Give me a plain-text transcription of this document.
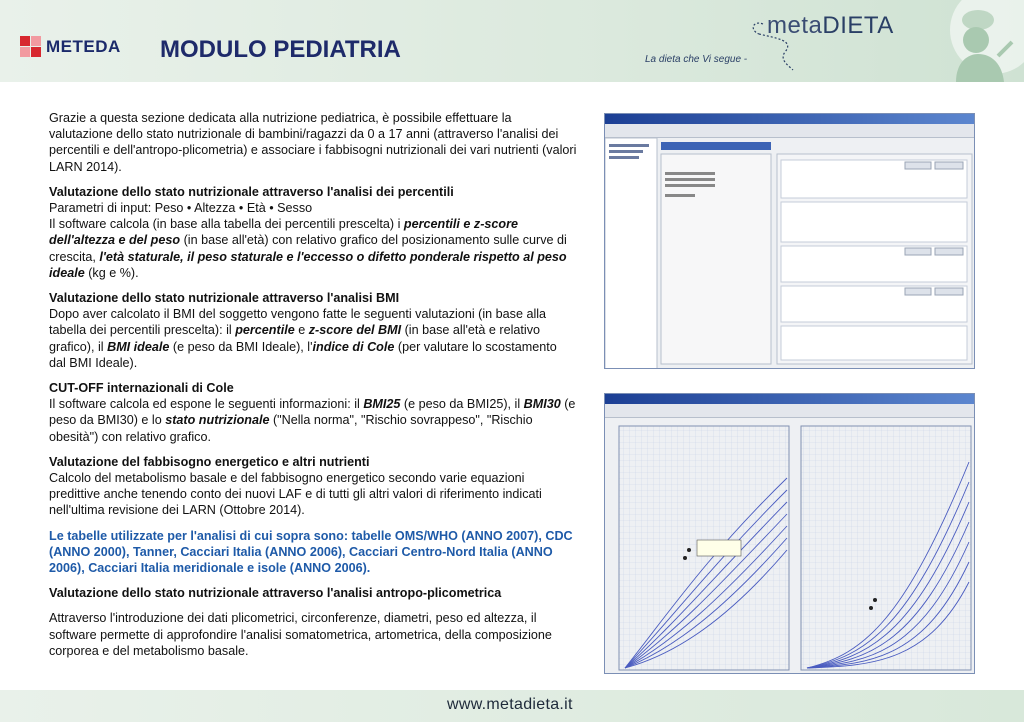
METEDA MODULO PEDIATRIA
metaDIETA
La dieta che Vi segue -

Grazie a questa sezione dedicata alla nutrizione pediatrica, è possibile effettuare la valutazione dello stato nutrizionale di bambini/ragazzi da 0 a 17 anni (attraverso l'analisi dei percentili e dell'antropo-plicometria) e associare i fabbisogni nutrizionali dei vari nutrienti (valori LARN 2014).

Valutazione dello stato nutrizionale attraverso l'analisi dei percentili
Parametri di input: Peso • Altezza • Età • Sesso
Il software calcola (in base alla tabella dei percentili prescelta) i percentili e z-score dell'altezza e del peso (in base all'età) con relativo grafico del posizionamento sulle curve di crescita, l'età staturale, il peso staturale e l'eccesso o difetto ponderale rispetto al peso ideale (kg e %).

Valutazione dello stato nutrizionale attraverso l'analisi BMI
Dopo aver calcolato il BMI del soggetto vengono fatte le seguenti valutazioni (in base alla tabella dei percentili prescelta): il percentile e z-score del BMI (in base all'età e relativo grafico), il BMI ideale (e peso da BMI Ideale), l'indice di Cole (per valutare lo scostamento dal BMI Ideale).

CUT-OFF internazionali di Cole
Il software calcola ed espone le seguenti informazioni: il BMI25 (e peso da BMI25), il BMI30 (e peso da BMI30) e lo stato nutrizionale ("Nella norma", "Rischio sovrappeso", "Rischio obesità") con relativo grafico.

Valutazione del fabbisogno energetico e altri nutrienti
Calcolo del metabolismo basale e del fabbisogno energetico secondo varie equazioni predittive anche tenendo conto dei nuovi LAF e di tutti gli altri valori di riferimento indicati nell'ultima revisione dei LARN (Ottobre 2014).

Le tabelle utilizzate per l'analisi di cui sopra sono: tabelle OMS/WHO (ANNO 2007), CDC (ANNO 2000), Tanner, Cacciari Italia (ANNO 2006), Cacciari Centro-Nord Italia (ANNO 2006), Cacciari Italia meridionale e isole (ANNO 2006).

Valutazione dello stato nutrizionale attraverso l'analisi antropo-plicometrica

Attraverso l'introduzione dei dati plicometrici, circonferenze, diametri, peso ed altezza, il software permette di approfondire l'analisi somatometrica, artometrica, della composizione corporea e del metabolismo basale.

www.metadieta.it
